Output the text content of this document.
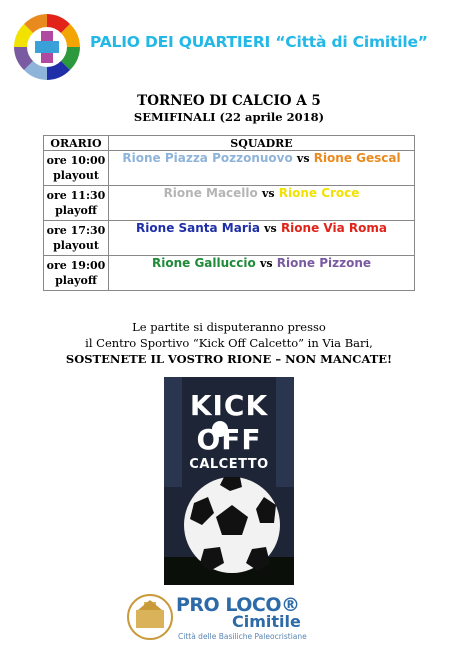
PALIO DEI QUARTIERI “Città di Cimitile”
TORNEO DI CALCIO A 5
SEMIFINALI (22 aprile 2018)
ORARIO	SQUADRE

ore 10:00
playout	Rione Piazza Pozzonuovo vs Rione Gescal

ore 11:30
playoff	Rione Macello vs Rione Croce

ore 17:30
playout	Rione Santa Maria vs Rione Via Roma

ore 19:00
playoff	Rione Galluccio vs Rione Pizzone
Le partite si disputeranno presso
il Centro Sportivo “Kick Off Calcetto” in Via Bari,
SOSTENETE IL VOSTRO RIONE – NON MANCATE!
KICK
OFF
CALCETTO
PRO LOCO®
Cimitile
Città delle Basiliche Paleocristiane
